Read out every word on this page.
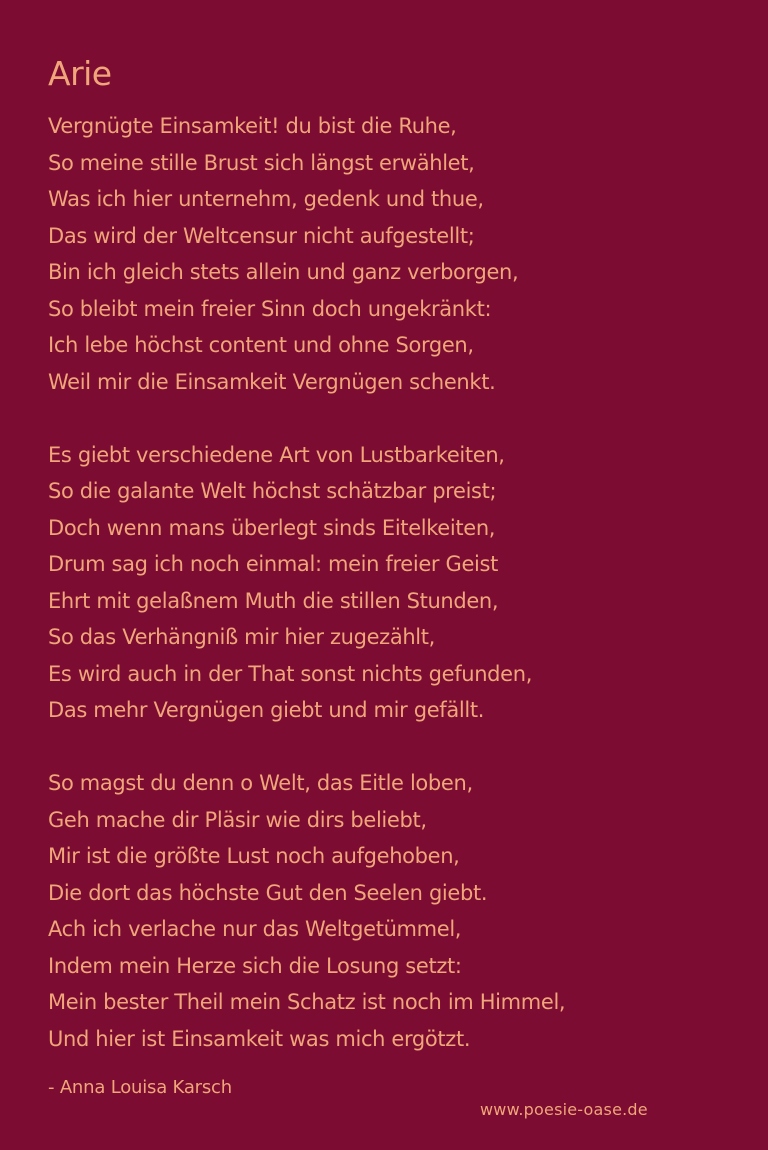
Arie
Vergnügte Einsamkeit! du bist die Ruhe,
So meine stille Brust sich längst erwählet,
Was ich hier unternehm, gedenk und thue,
Das wird der Weltcensur nicht aufgestellt;
Bin ich gleich stets allein und ganz verborgen,
So bleibt mein freier Sinn doch ungekränkt:
Ich lebe höchst content und ohne Sorgen,
Weil mir die Einsamkeit Vergnügen schenkt.
Es giebt verschiedene Art von Lustbarkeiten,
So die galante Welt höchst schätzbar preist;
Doch wenn mans überlegt sinds Eitelkeiten,
Drum sag ich noch einmal: mein freier Geist
Ehrt mit gelaßnem Muth die stillen Stunden,
So das Verhängniß mir hier zugezählt,
Es wird auch in der That sonst nichts gefunden,
Das mehr Vergnügen giebt und mir gefällt.
So magst du denn o Welt, das Eitle loben,
Geh mache dir Pläsir wie dirs beliebt,
Mir ist die größte Lust noch aufgehoben,
Die dort das höchste Gut den Seelen giebt.
Ach ich verlache nur das Weltgetümmel,
Indem mein Herze sich die Losung setzt:
Mein bester Theil mein Schatz ist noch im Himmel,
Und hier ist Einsamkeit was mich ergötzt.
- Anna Louisa Karsch
www.poesie-oase.de
